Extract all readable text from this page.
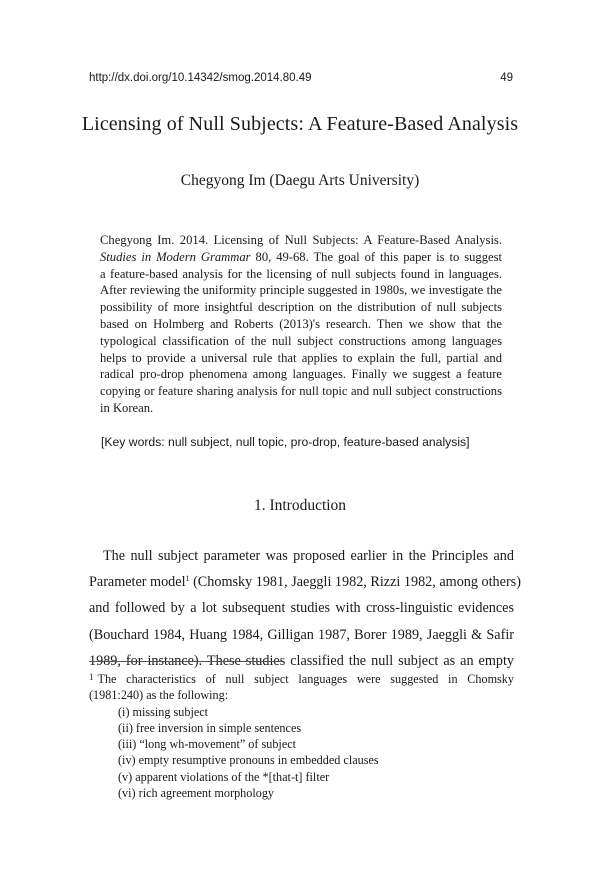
http://dx.doi.org/10.14342/smog.2014.80.49	49
Licensing of Null Subjects: A Feature-Based Analysis
Chegyong Im (Daegu Arts University)
Chegyong Im. 2014. Licensing of Null Subjects: A Feature-Based Analysis.
Studies in Modern Grammar 80, 49-68. The goal of this paper is to suggest
a feature-based analysis for the licensing of null subjects found in languages.
After reviewing the uniformity principle suggested in 1980s, we investigate the
possibility of more insightful description on the distribution of null subjects
based on Holmberg and Roberts (2013)'s research. Then we show that the
typological classification of the null subject constructions among languages
helps to provide a universal rule that applies to explain the full, partial and
radical pro-drop phenomena among languages. Finally we suggest a feature
copying or feature sharing analysis for null topic and null subject constructions
in Korean.
[Key words: null subject, null topic, pro-drop, feature-based analysis]
1. Introduction
The null subject parameter was proposed earlier in the Principles and
Parameter model$^1$ (Chomsky 1981, Jaeggli 1982, Rizzi 1982, among others)
and followed by a lot subsequent studies with cross-linguistic evidences
(Bouchard 1984, Huang 1984, Gilligan 1987, Borer 1989, Jaeggli & Safir
1989, for instance). These studies classified the null subject as an empty
$^1$ The characteristics of null subject languages were suggested in Chomsky
(1981:240) as the following:
(i) missing subject
(ii) free inversion in simple sentences
(iii) “long wh-movement” of subject
(iv) empty resumptive pronouns in embedded clauses
(v) apparent violations of the *[that-t] filter
(vi) rich agreement morphology
